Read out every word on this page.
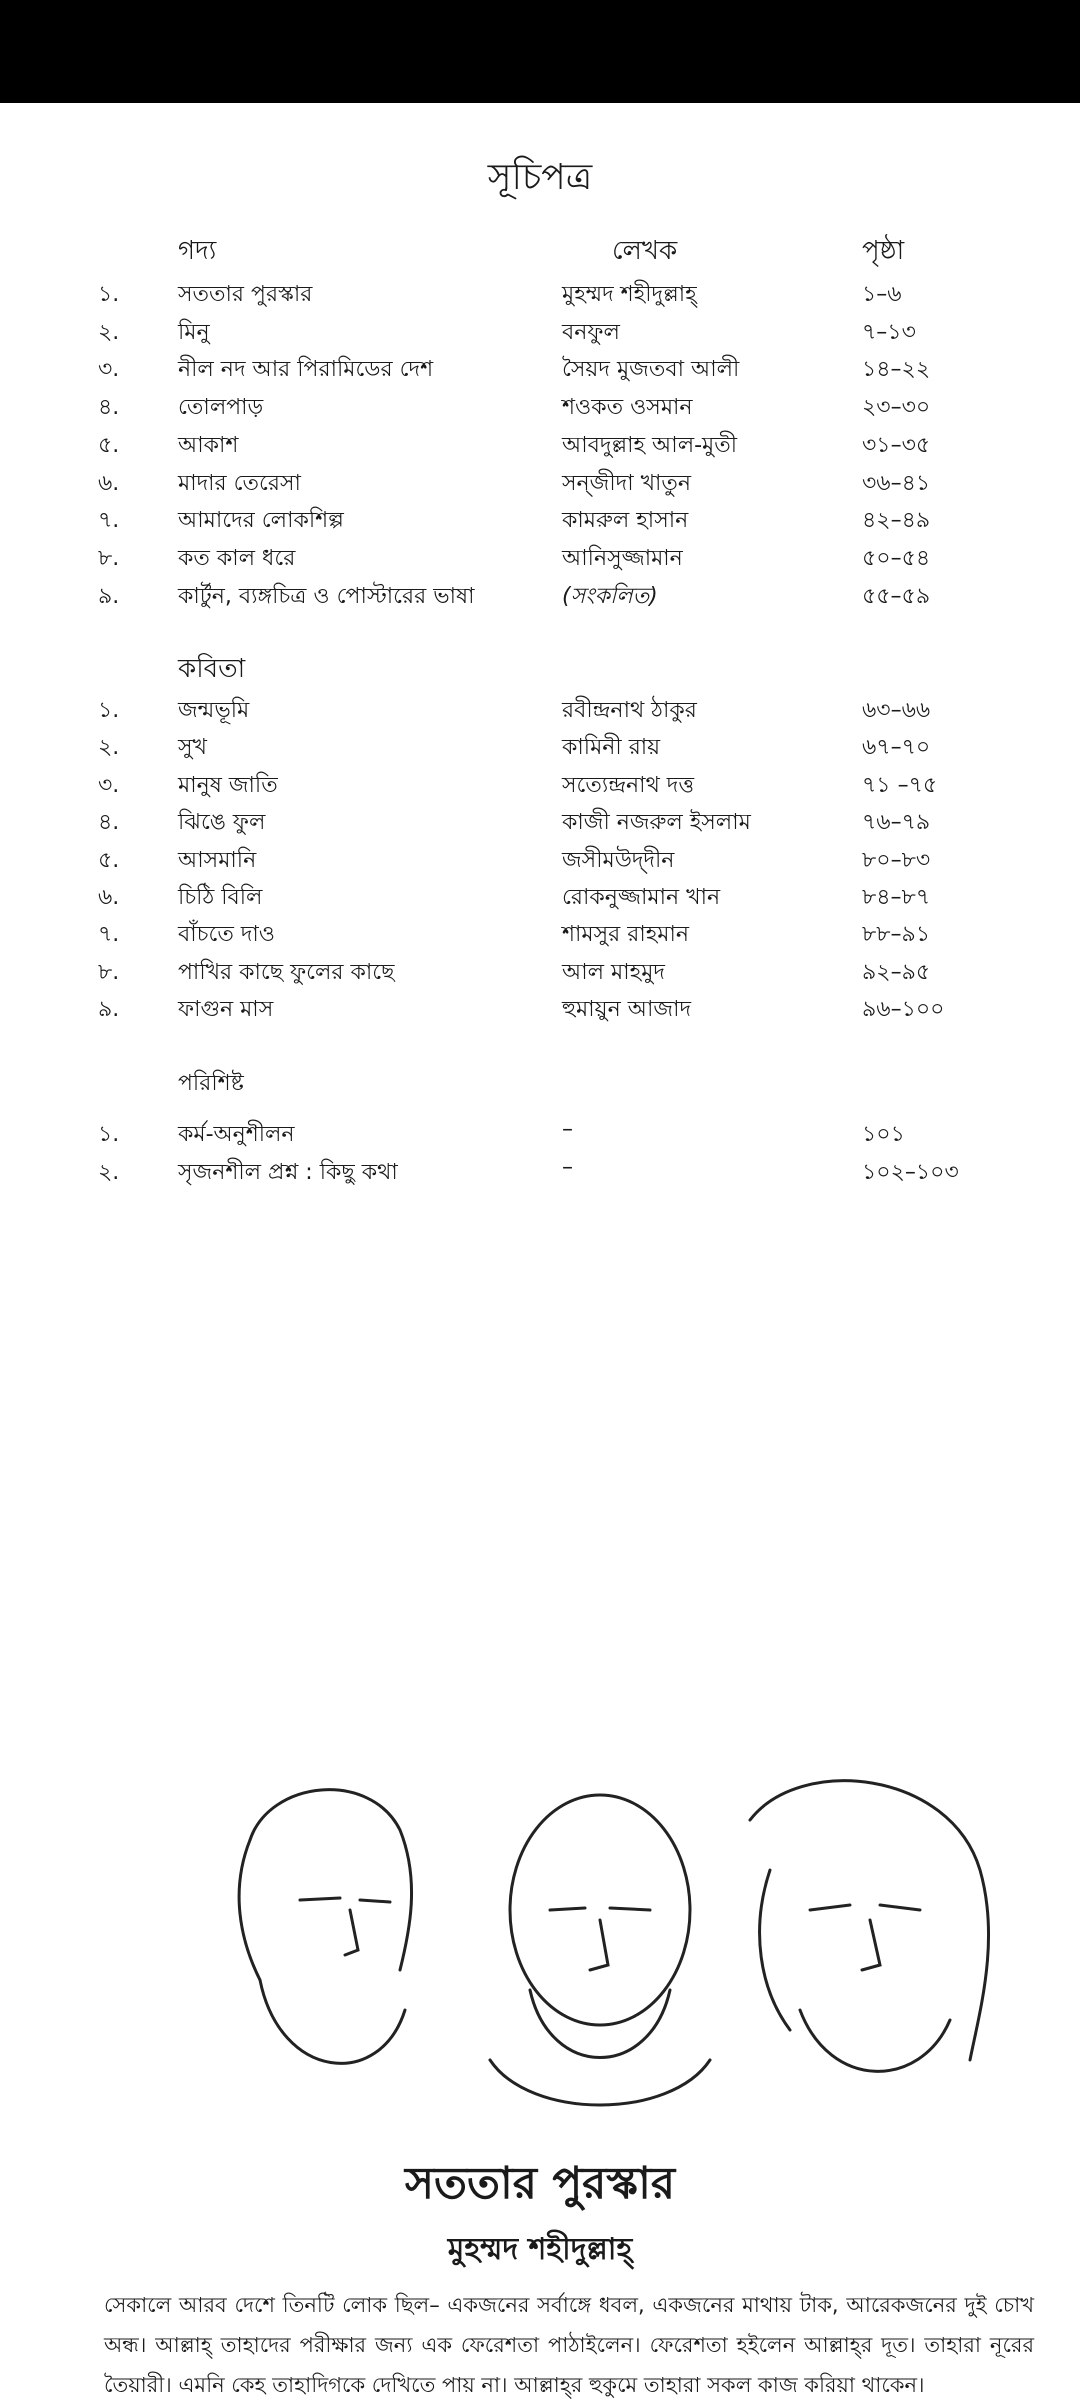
সূচিপত্র
গদ্য	লেখক	পৃষ্ঠা
১.	সততার পুরস্কার	মুহম্মদ শহীদুল্লাহ্	১–৬
২.	মিনু	বনফুল	৭–১৩
৩.	নীল নদ আর পিরামিডের দেশ	সৈয়দ মুজতবা আলী	১৪–২২
৪.	তোলপাড়	শওকত ওসমান	২৩–৩০
৫.	আকাশ	আবদুল্লাহ আল-মুতী	৩১–৩৫
৬.	মাদার তেরেসা	সন্‌জীদা খাতুন	৩৬–৪১
৭.	আমাদের লোকশিল্প	কামরুল হাসান	৪২–৪৯
৮.	কত কাল ধরে	আনিসুজ্জামান	৫০–৫৪
৯.	কার্টুন, ব্যঙ্গচিত্র ও পোস্টারের ভাষা	(সংকলিত)	৫৫–৫৯
কবিতা
১.	জন্মভূমি	রবীন্দ্রনাথ ঠাকুর	৬৩–৬৬
২.	সুখ	কামিনী রায়	৬৭–৭০
৩.	মানুষ জাতি	সত্যেন্দ্রনাথ দত্ত	৭১ –৭৫
৪.	ঝিঙে ফুল	কাজী নজরুল ইসলাম	৭৬–৭৯
৫.	আসমানি	জসীমউদ্‌দীন	৮০–৮৩
৬.	চিঠি বিলি	রোকনুজ্জামান খান	৮৪–৮৭
৭.	বাঁচতে দাও	শামসুর রাহমান	৮৮–৯১
৮.	পাখির কাছে ফুলের কাছে	আল মাহমুদ	৯২–৯৫
৯.	ফাগুন মাস	হুমায়ুন আজাদ	৯৬–১০০
পরিশিষ্ট
১.	কর্ম-অনুশীলন	–	১০১
২.	সৃজনশীল প্রশ্ন : কিছু কথা	–	১০২–১০৩
সততার পুরস্কার
মুহম্মদ শহীদুল্লাহ্
সেকালে আরব দেশে তিনটি লোক ছিল– একজনের সর্বাঙ্গে ধবল, একজনের মাথায় টাক, আরেকজনের দুই চোখ অন্ধ। আল্লাহ্ তাহাদের পরীক্ষার জন্য এক ফেরেশতা পাঠাইলেন। ফেরেশতা হইলেন আল্লাহ্‌র দূত। তাহারা নূরের তৈয়ারী। এমনি কেহ তাহাদিগকে দেখিতে পায় না। আল্লাহ্‌র হুকুমে তাহারা সকল কাজ করিয়া থাকেন।
